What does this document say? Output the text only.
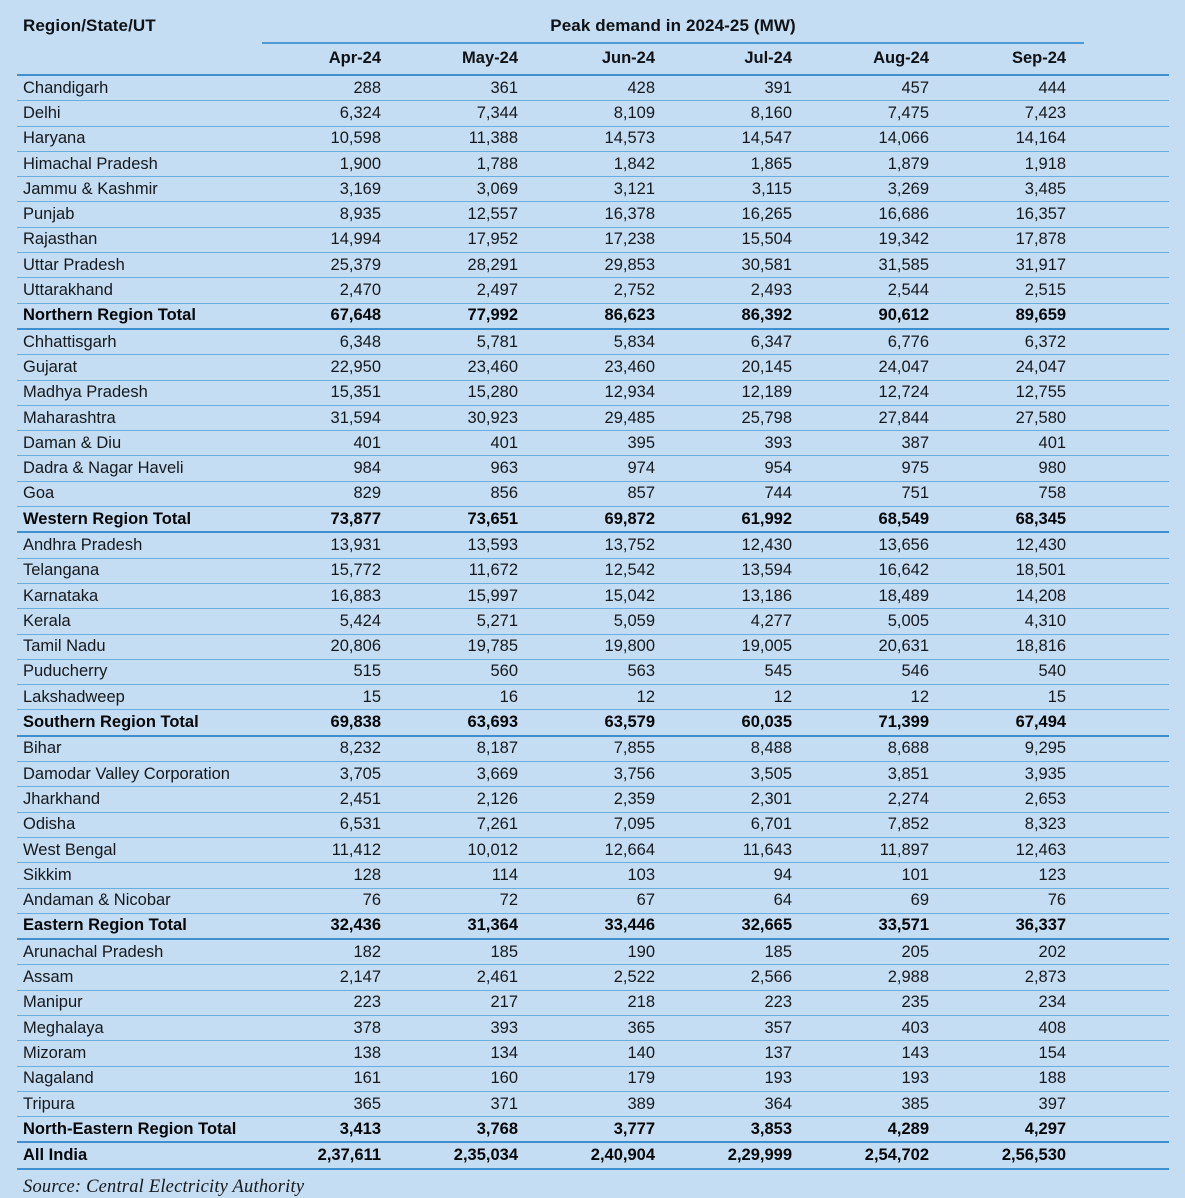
Region/State/UT	Peak demand in 2024-25 (MW)						
	Apr-24	May-24	Jun-24	Jul-24	Aug-24	Sep-24	
Chandigarh	288	361	428	391	457	444	
Delhi	6,324	7,344	8,109	8,160	7,475	7,423	
Haryana	10,598	11,388	14,573	14,547	14,066	14,164	
Himachal Pradesh	1,900	1,788	1,842	1,865	1,879	1,918	
Jammu & Kashmir	3,169	3,069	3,121	3,115	3,269	3,485	
Punjab	8,935	12,557	16,378	16,265	16,686	16,357	
Rajasthan	14,994	17,952	17,238	15,504	19,342	17,878	
Uttar Pradesh	25,379	28,291	29,853	30,581	31,585	31,917	
Uttarakhand	2,470	2,497	2,752	2,493	2,544	2,515	
Northern Region Total	67,648	77,992	86,623	86,392	90,612	89,659	
Chhattisgarh	6,348	5,781	5,834	6,347	6,776	6,372	
Gujarat	22,950	23,460	23,460	20,145	24,047	24,047	
Madhya Pradesh	15,351	15,280	12,934	12,189	12,724	12,755	
Maharashtra	31,594	30,923	29,485	25,798	27,844	27,580	
Daman & Diu	401	401	395	393	387	401	
Dadra & Nagar Haveli	984	963	974	954	975	980	
Goa	829	856	857	744	751	758	
Western Region Total	73,877	73,651	69,872	61,992	68,549	68,345	
Andhra Pradesh	13,931	13,593	13,752	12,430	13,656	12,430	
Telangana	15,772	11,672	12,542	13,594	16,642	18,501	
Karnataka	16,883	15,997	15,042	13,186	18,489	14,208	
Kerala	5,424	5,271	5,059	4,277	5,005	4,310	
Tamil Nadu	20,806	19,785	19,800	19,005	20,631	18,816	
Puducherry	515	560	563	545	546	540	
Lakshadweep	15	16	12	12	12	15	
Southern Region Total	69,838	63,693	63,579	60,035	71,399	67,494	
Bihar	8,232	8,187	7,855	8,488	8,688	9,295	
Damodar Valley Corporation	3,705	3,669	3,756	3,505	3,851	3,935	
Jharkhand	2,451	2,126	2,359	2,301	2,274	2,653	
Odisha	6,531	7,261	7,095	6,701	7,852	8,323	
West Bengal	11,412	10,012	12,664	11,643	11,897	12,463	
Sikkim	128	114	103	94	101	123	
Andaman & Nicobar	76	72	67	64	69	76	
Eastern Region Total	32,436	31,364	33,446	32,665	33,571	36,337	
Arunachal Pradesh	182	185	190	185	205	202	
Assam	2,147	2,461	2,522	2,566	2,988	2,873	
Manipur	223	217	218	223	235	234	
Meghalaya	378	393	365	357	403	408	
Mizoram	138	134	140	137	143	154	
Nagaland	161	160	179	193	193	188	
Tripura	365	371	389	364	385	397	
North-Eastern Region Total	3,413	3,768	3,777	3,853	4,289	4,297	
All India	2,37,611	2,35,034	2,40,904	2,29,999	2,54,702	2,56,530	
Source: Central Electricity Authority
